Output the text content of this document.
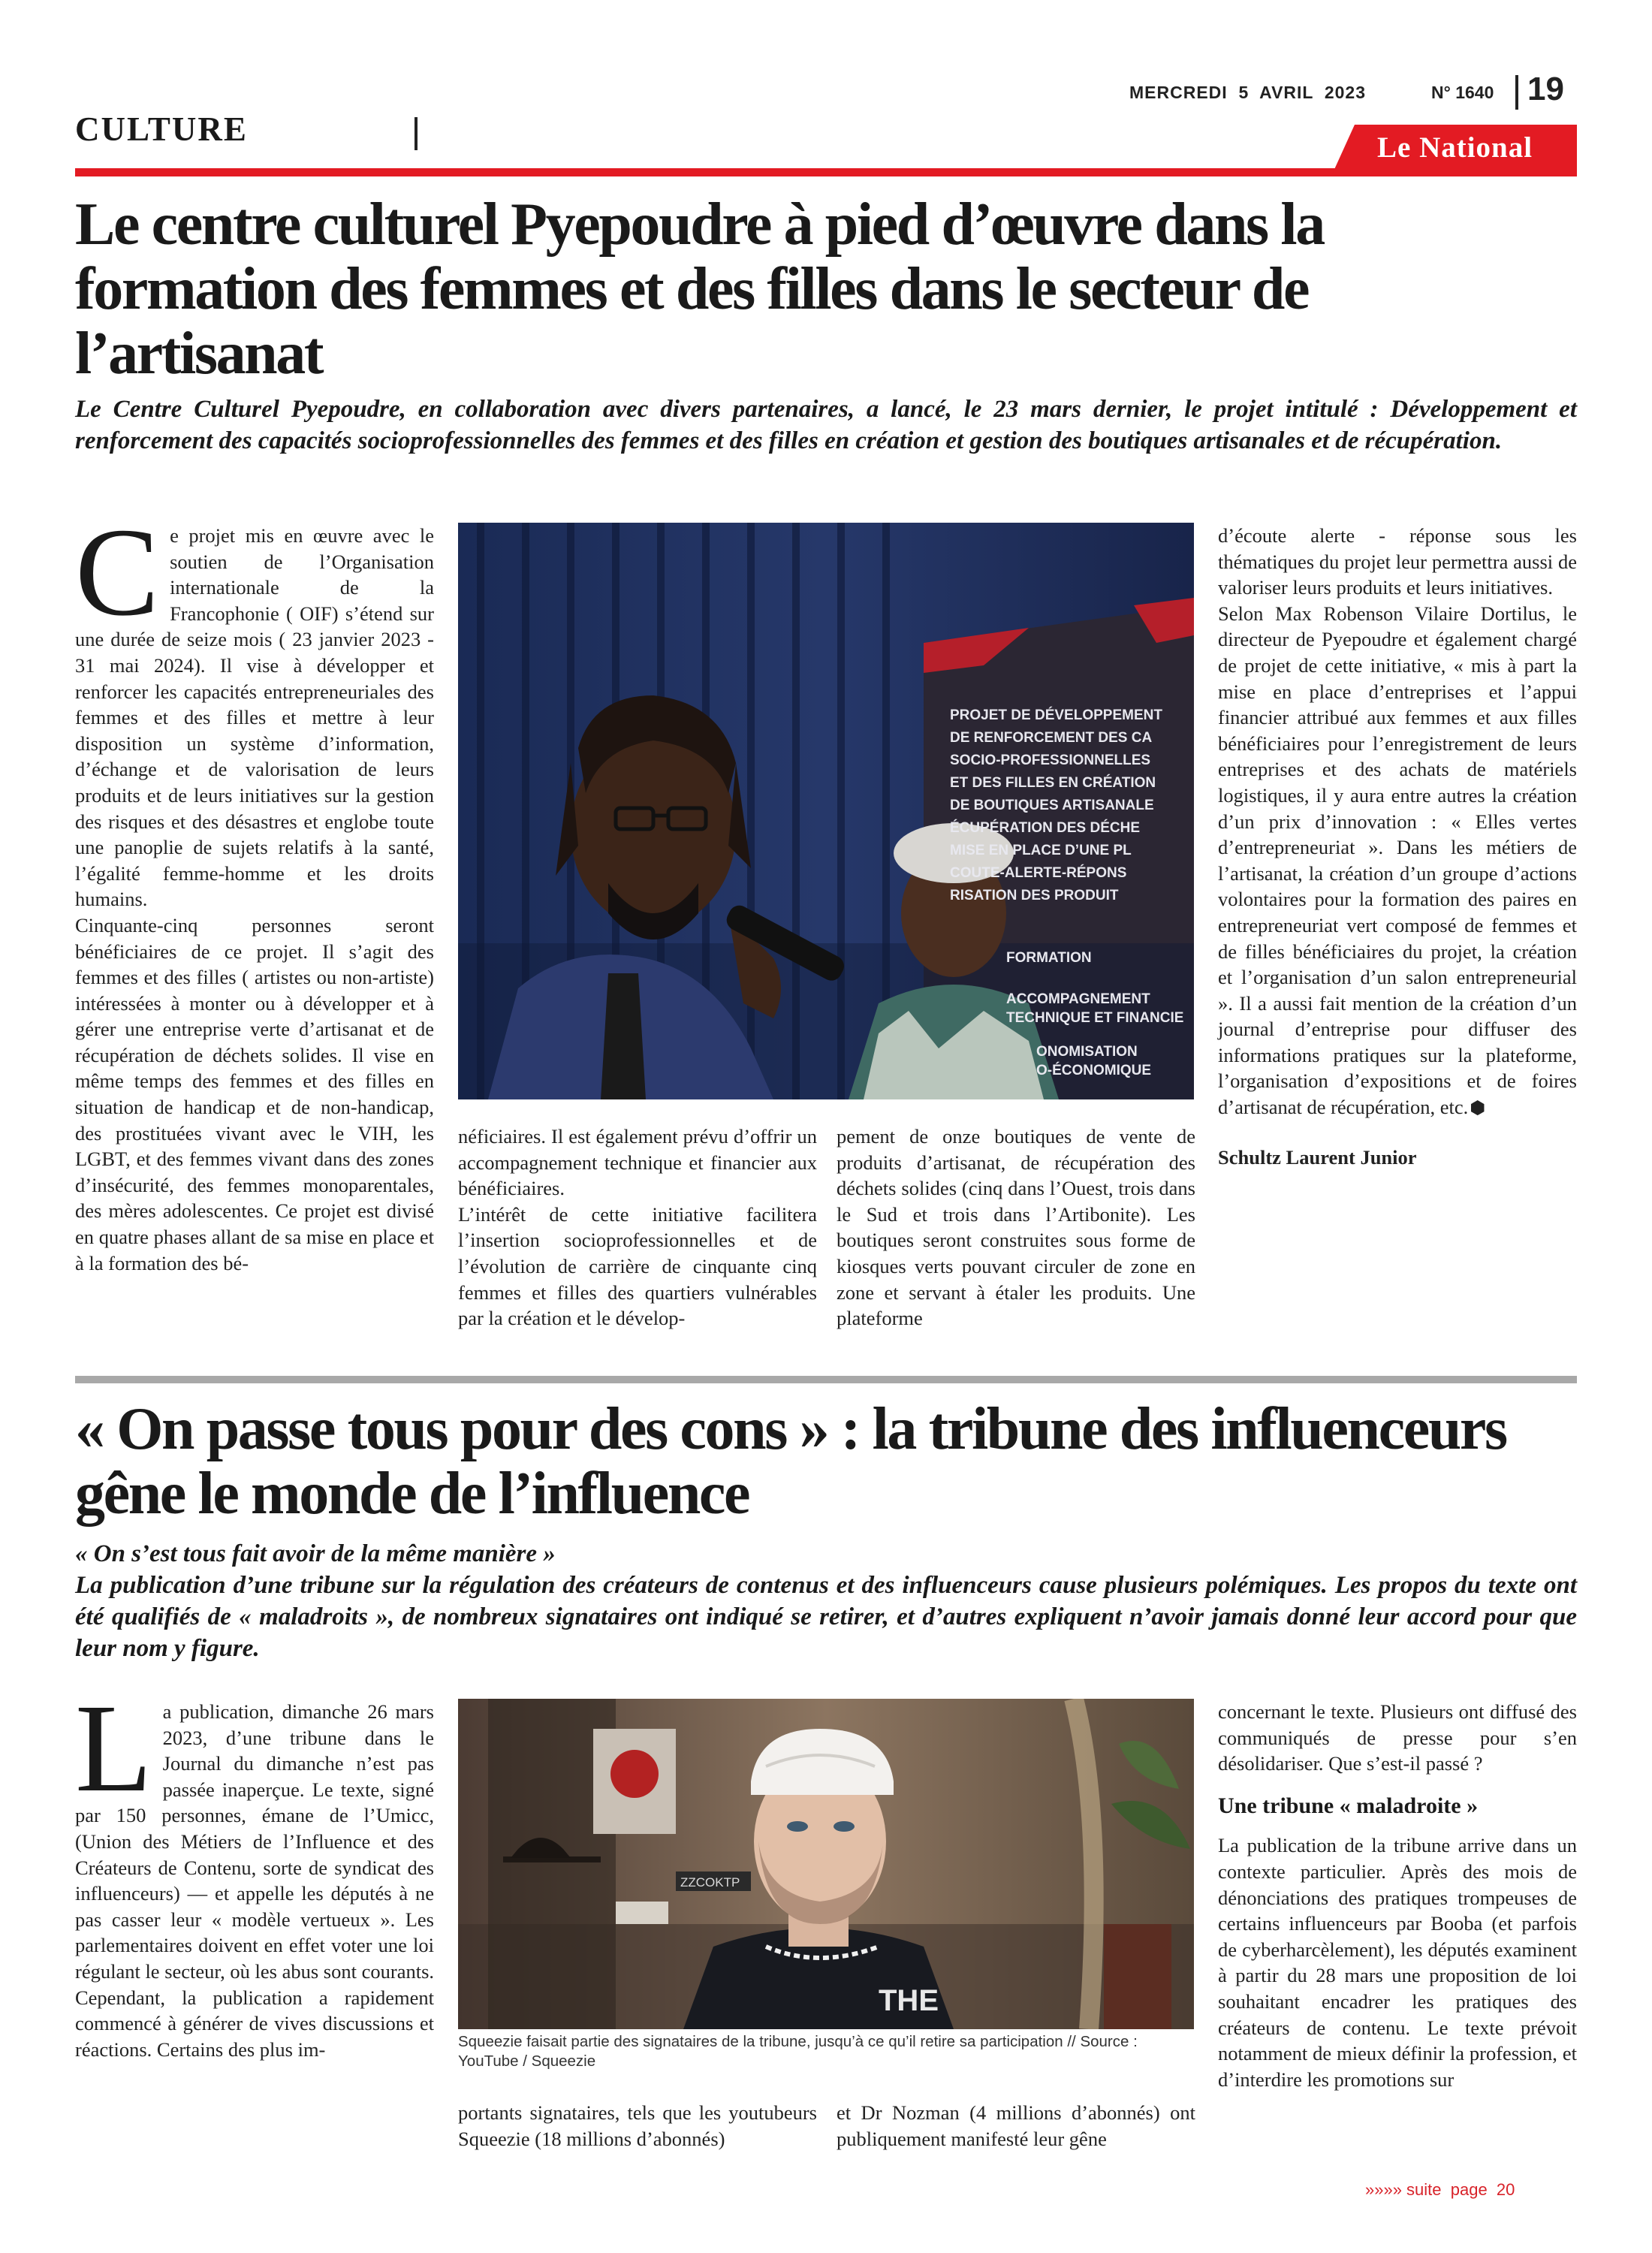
MERCREDI  5  AVRIL  2023	N° 1640 19
CULTURE	Le National
Le centre culturel Pyepoudre à pied d’œuvre dans la formation des femmes et des filles dans le secteur de l’artisanat
Le Centre Culturel Pyepoudre, en collaboration avec divers partenaires, a lancé, le 23 mars dernier, le projet intitulé : Développement et renforcement des capacités socioprofessionnelles des femmes et des filles en création et gestion des boutiques artisanales et de récupération.
C e projet mis en œuvre avec le soutien de l’Organisation internationale de la Francophonie ( OIF) s’étend sur une durée de seize mois ( 23 janvier 2023 - 31 mai 2024). Il vise à développer et renforcer les capacités entrepreneuriales des femmes et des filles et mettre à leur disposition un système d’information, d’échange et de valorisation de leurs produits et de leurs initiatives sur la gestion des risques et des désastres et englobe toute une panoplie de sujets relatifs à la santé, l’égalité femme-homme et les droits humains.

Cinquante-cinq personnes seront bénéficiaires de ce projet. Il s’agit des femmes et des filles ( artistes ou non-artiste) intéressées à monter ou à développer et à gérer une entreprise verte d’artisanat et de récupération de déchets solides. Il vise en même temps des femmes et des filles en situation de handicap et de non-handicap, des prostituées vivant avec le VIH, les LGBT, et des femmes vivant dans des zones d’insécurité, des femmes monoparentales, des mères adolescentes. Ce projet est divisé en quatre phases allant de sa mise en place et à la formation des bé-

PROJET DE DÉVELOPPEMENT
DE RENFORCEMENT DES CA
SOCIO-PROFESSIONNELLES
ET DES FILLES EN CRÉATION
DE BOUTIQUES ARTISANALE
ÉCUPÉRATION DES DÉCHE
MISE EN PLACE D’UNE PL
COUTE-ALERTE-RÉPONS
RISATION DES PRODUIT
FORMATION
ACCOMPAGNEMENT
TECHNIQUE ET FINANCIE
ONOMISATION
O-ÉCONOMIQUE

néficiaires. Il est également prévu d’offrir un accompagnement technique et financier aux bénéficiaires.

L’intérêt de cette initiative facilitera l’insertion socioprofessionnelles et de l’évolution de carrière de cinquante cinq femmes et filles des quartiers vulnérables par la création et le dévelop-

pement de onze boutiques de vente de produits d’artisanat, de récupération des déchets solides (cinq dans l’Ouest, trois dans le Sud et trois dans l’Artibonite). Les boutiques seront construites sous forme de kiosques verts pouvant circuler de zone en zone et servant à étaler les produits. Une plateforme

d’écoute alerte - réponse sous les thématiques du projet leur permettra aussi de valoriser leurs produits et leurs initiatives.

Selon Max Robenson Vilaire Dortilus, le directeur de Pyepoudre et également chargé de projet de cette initiative, « mis à part la mise en place d’entreprises et l’appui financier attribué aux femmes et aux filles bénéficiaires pour l’enregistrement de leurs entreprises et des achats de matériels logistiques, il y aura entre autres la création d’un prix d’innovation : « Elles vertes d’entrepreneuriat ». Dans les métiers de l’artisanat, la création d’un groupe d’actions volontaires pour la formation des paires en entrepreneuriat vert composé de femmes et de filles bénéficiaires du projet, la création et l’organisation d’un salon entrepreneurial ». Il a aussi fait mention de la création d’un journal d’entreprise pour diffuser des informations pratiques sur la plateforme, l’organisation d’expositions et de foires d’artisanat de récupération, etc.⬢

Schultz Laurent Junior

« On passe tous pour des cons » : la tribune des influenceurs gêne le monde de l’influence
« On s’est tous fait avoir de la même manière »
La publication d’une tribune sur la régulation des créateurs de contenus et des influenceurs cause plusieurs polémiques. Les propos du texte ont été qualifiés de « maladroits », de nombreux signataires ont indiqué se retirer, et d’autres expliquent n’avoir jamais donné leur accord pour que leur nom y figure.
L a publication, dimanche 26 mars 2023, d’une tribune dans le Journal du dimanche n’est pas passée inaperçue. Le texte, signé par 150 personnes, émane de l’Umicc, (Union des Métiers de l’Influence et des Créateurs de Contenu, sorte de syndicat des influenceurs) — et appelle les députés à ne pas casser leur « modèle vertueux ». Les parlementaires doivent en effet voter une loi régulant le secteur, où les abus sont courants.

Cependant, la publication a rapidement commencé à générer de vives discussions et réactions. Certains des plus im-

ZZCOKTP
THE
Squeezie faisait partie des signataires de la tribune, jusqu’à ce qu’il retire sa participation // Source : YouTube / Squeezie

portants signataires, tels que les youtubeurs Squeezie (18 millions d’abonnés)

et Dr Nozman (4 millions d’abonnés) ont publiquement manifesté leur gêne

concernant le texte. Plusieurs ont diffusé des communiqués de presse pour s’en désolidariser. Que s’est-il passé ?

Une tribune « maladroite »

La publication de la tribune arrive dans un contexte particulier. Après des mois de dénonciations des pratiques trompeuses de certains influenceurs par Booba (et parfois de cyberharcèlement), les députés examinent à partir du 28 mars une proposition de loi souhaitant encadrer les pratiques des créateurs de contenu. Le texte prévoit notamment de mieux définir la profession, et d’interdire les promotions sur

»»»» suite  page  20
